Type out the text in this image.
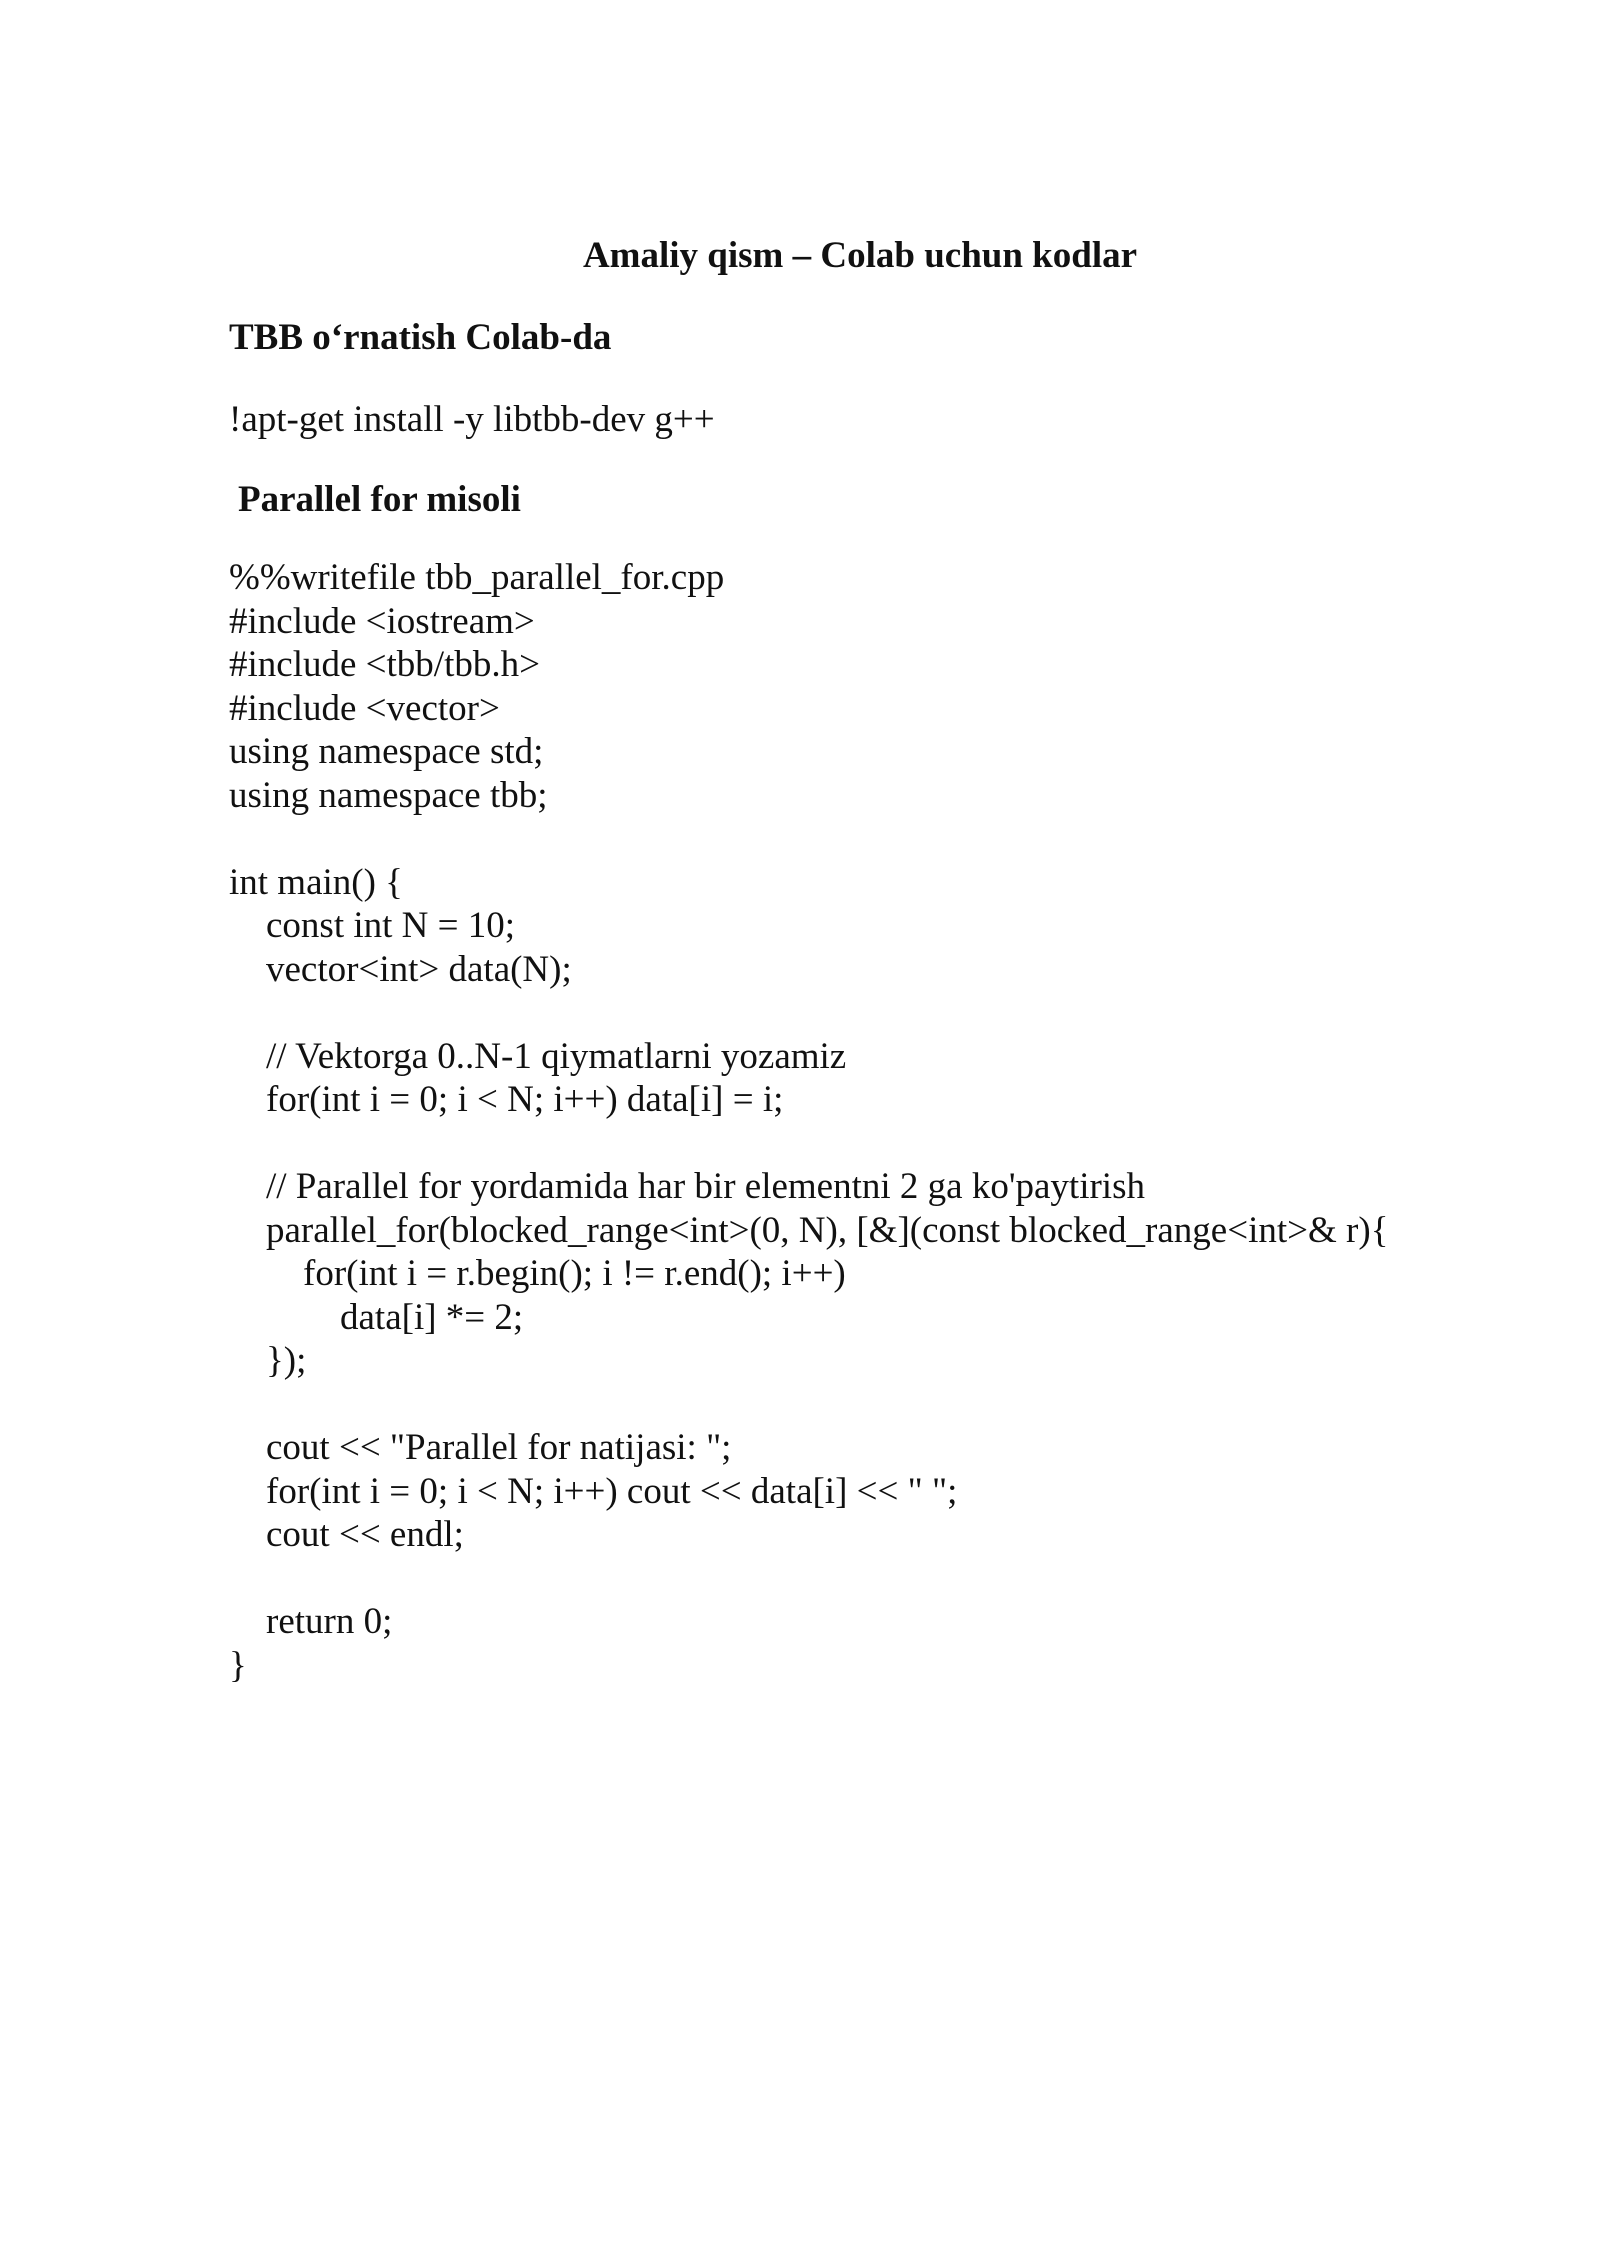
Amaliy qism – Colab uchun kodlar
TBB o‘rnatish Colab-da

!apt-get install -y libtbb-dev g++

Parallel for misoli
%%writefile tbb_parallel_for.cpp
#include <iostream>
#include <tbb/tbb.h>
#include <vector>
using namespace std;
using namespace tbb;
int main() {
const int N = 10;
vector<int> data(N);
// Vektorga 0..N-1 qiymatlarni yozamiz
for(int i = 0; i < N; i++) data[i] = i;
// Parallel for yordamida har bir elementni 2 ga ko'paytirish
parallel_for(blocked_range<int>(0, N), [&](const blocked_range<int>& r){
for(int i = r.begin(); i != r.end(); i++)
data[i] *= 2;
});
cout << "Parallel for natijasi: ";
for(int i = 0; i < N; i++) cout << data[i] << " ";
cout << endl;
return 0;
}
